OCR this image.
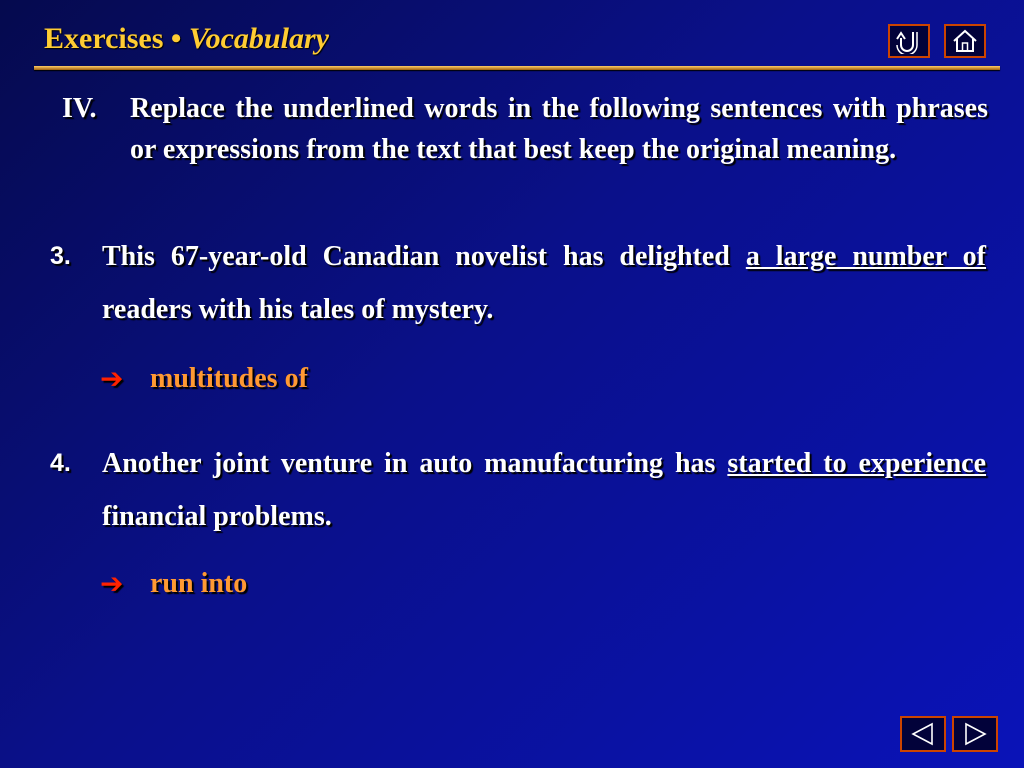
Exercises • Vocabulary
IV.	Replace the underlined words in the following sentences with phrases or expressions from the text that best keep the original meaning.
3.	This 67-year-old Canadian novelist has delighted a large number of readers with his tales of mystery.
➔ multitudes of
4.	Another joint venture in auto manufacturing has started to experience financial problems.
➔ run into
